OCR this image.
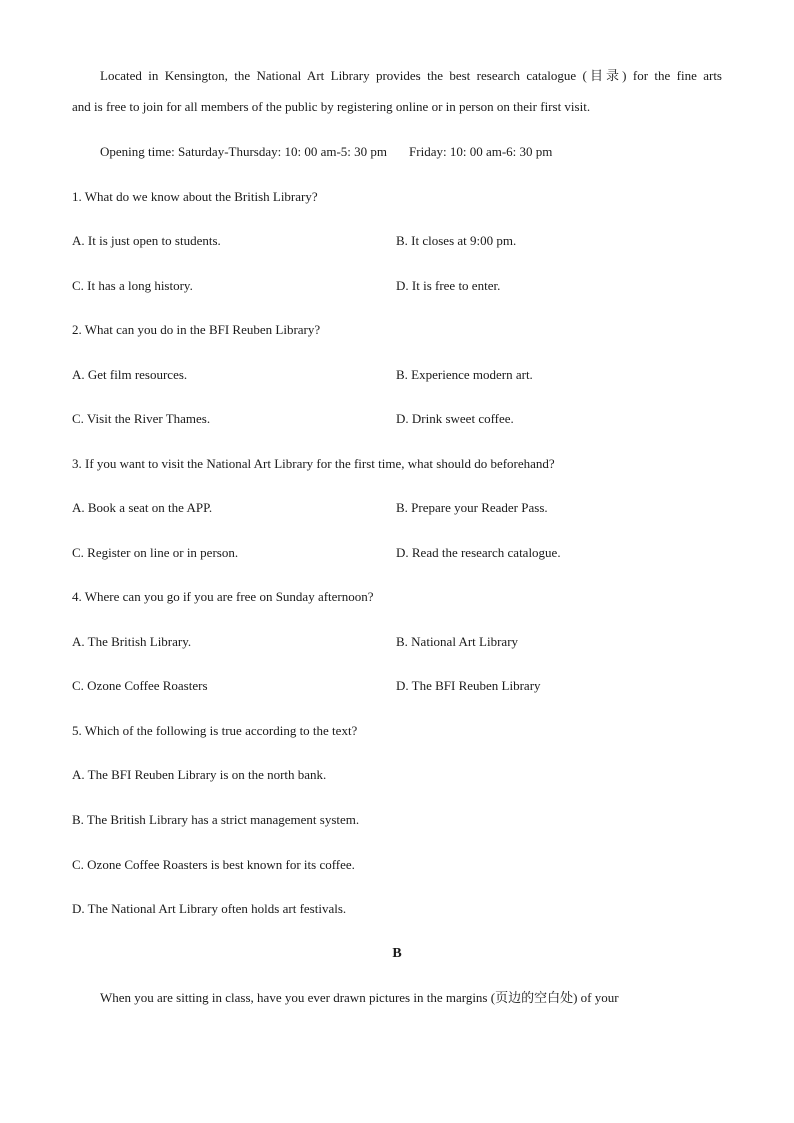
Located in Kensington, the National Art Library provides the best research catalogue (目录) for the fine arts
and is free to join for all members of the public by registering online or in person on their first visit.
Opening time: Saturday-Thursday: 10: 00 am-5: 30 pm Friday: 10: 00 am-6: 30 pm
1. What do we know about the British Library?
A. It is just open to students.	B. It closes at 9:00 pm.
C. It has a long history.	D. It is free to enter.
2. What can you do in the BFI Reuben Library?
A. Get film resources.	B. Experience modern art.
C. Visit the River Thames.	D. Drink sweet coffee.
3. If you want to visit the National Art Library for the first time, what should do beforehand?
A. Book a seat on the APP.	B. Prepare your Reader Pass.
C. Register on line or in person.	D. Read the research catalogue.
4. Where can you go if you are free on Sunday afternoon?
A. The British Library.	B. National Art Library
C. Ozone Coffee Roasters	D. The BFI Reuben Library
5. Which of the following is true according to the text?
A. The BFI Reuben Library is on the north bank.
B. The British Library has a strict management system.
C. Ozone Coffee Roasters is best known for its coffee.
D. The National Art Library often holds art festivals.
B
When you are sitting in class, have you ever drawn pictures in the margins (页边的空白处) of your
